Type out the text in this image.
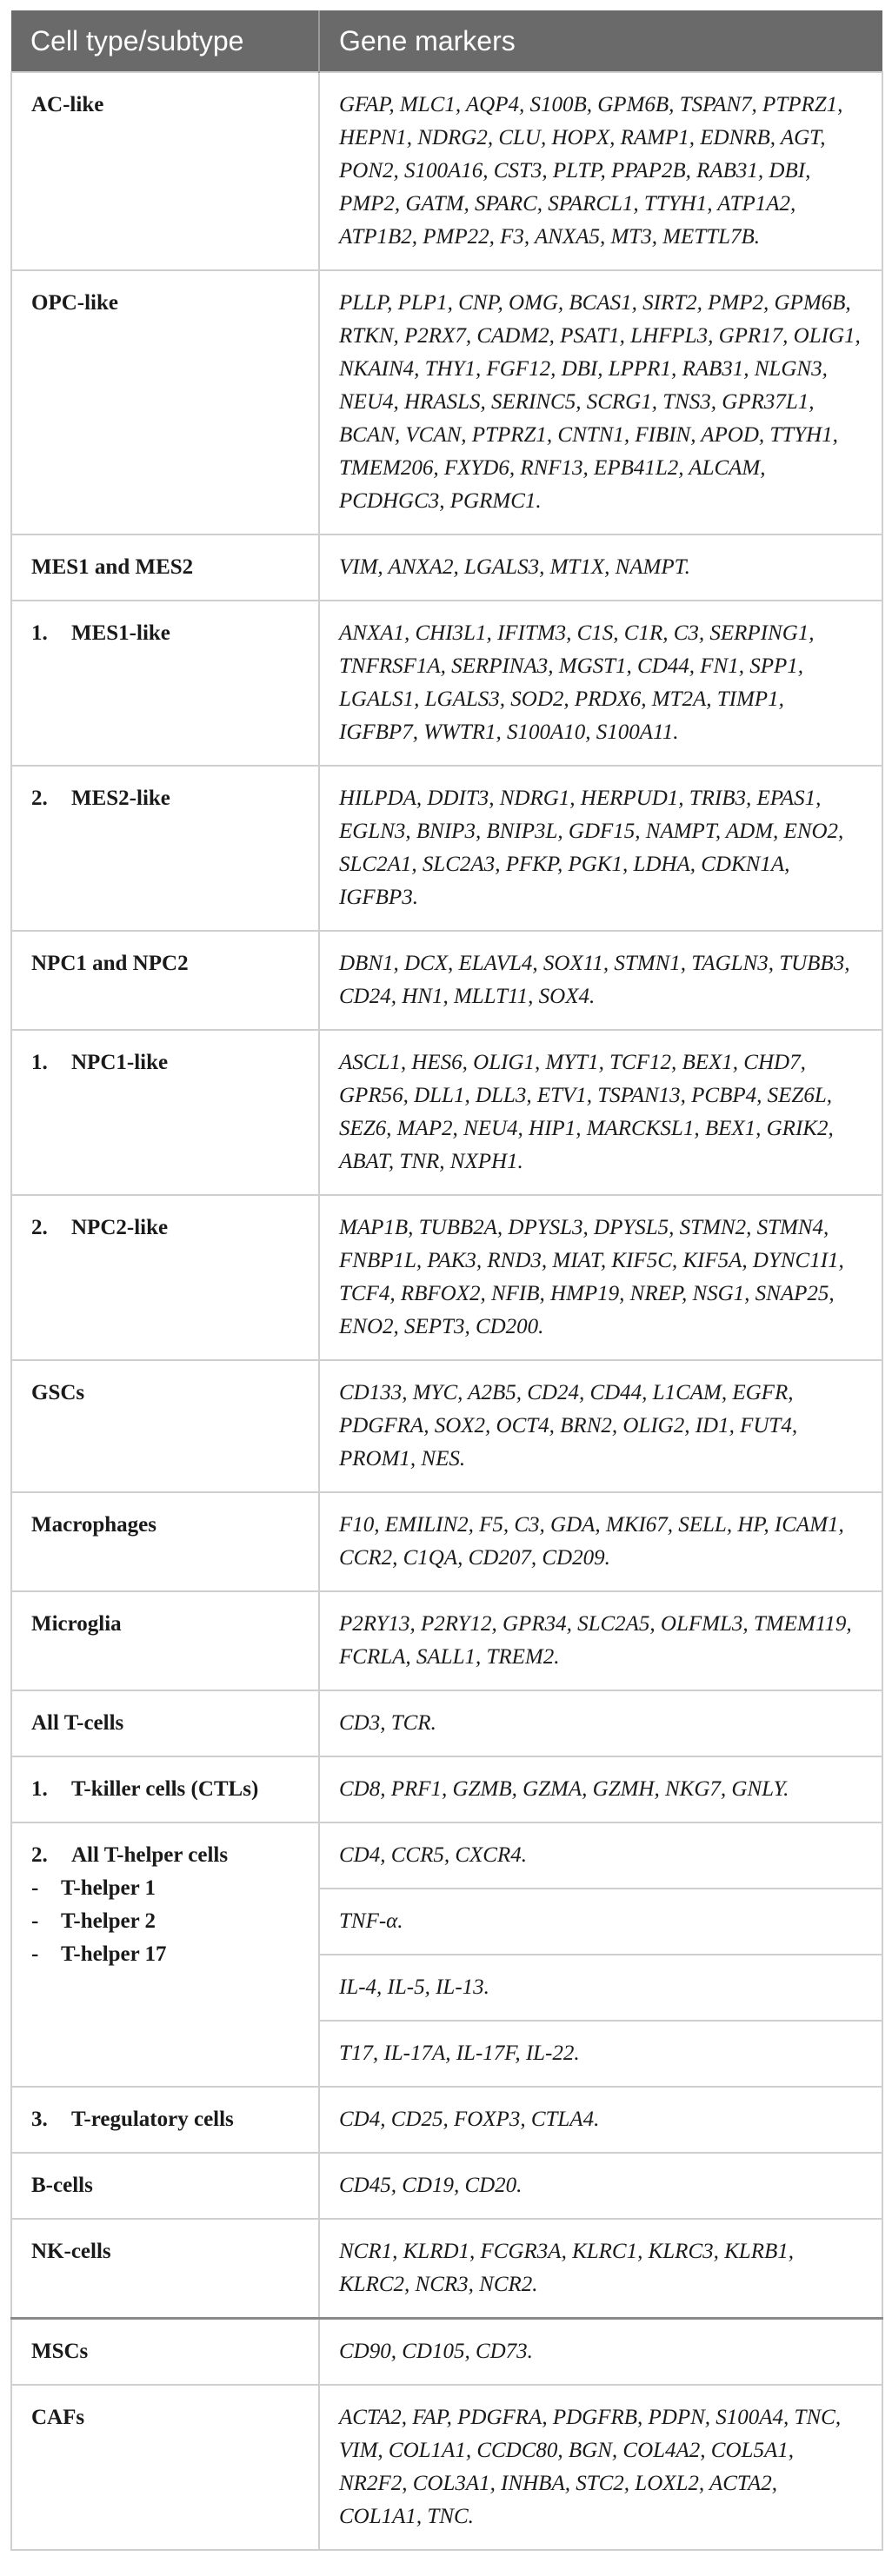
Cell type/subtype	Gene markers
AC-like	GFAP, MLC1, AQP4, S100B, GPM6B, TSPAN7, PTPRZ1, HEPN1, NDRG2, CLU, HOPX, RAMP1, EDNRB, AGT, PON2, S100A16, CST3, PLTP, PPAP2B, RAB31, DBI, PMP2, GATM, SPARC, SPARCL1, TTYH1, ATP1A2, ATP1B2, PMP22, F3, ANXA5, MT3, METTL7B.
OPC-like	PLLP, PLP1, CNP, OMG, BCAS1, SIRT2, PMP2, GPM6B, RTKN, P2RX7, CADM2, PSAT1, LHFPL3, GPR17, OLIG1, NKAIN4, THY1, FGF12, DBI, LPPR1, RAB31, NLGN3, NEU4, HRASLS, SERINC5, SCRG1, TNS3, GPR37L1, BCAN, VCAN, PTPRZ1, CNTN1, FIBIN, APOD, TTYH1, TMEM206, FXYD6, RNF13, EPB41L2, ALCAM, PCDHGC3, PGRMC1.
MES1 and MES2	VIM, ANXA2, LGALS3, MT1X, NAMPT.
1. MES1-like	ANXA1, CHI3L1, IFITM3, C1S, C1R, C3, SERPING1, TNFRSF1A, SERPINA3, MGST1, CD44, FN1, SPP1, LGALS1, LGALS3, SOD2, PRDX6, MT2A, TIMP1, IGFBP7, WWTR1, S100A10, S100A11.
2. MES2-like	HILPDA, DDIT3, NDRG1, HERPUD1, TRIB3, EPAS1, EGLN3, BNIP3, BNIP3L, GDF15, NAMPT, ADM, ENO2, SLC2A1, SLC2A3, PFKP, PGK1, LDHA, CDKN1A, IGFBP3.
NPC1 and NPC2	DBN1, DCX, ELAVL4, SOX11, STMN1, TAGLN3, TUBB3, CD24, HN1, MLLT11, SOX4.
1. NPC1-like	ASCL1, HES6, OLIG1, MYT1, TCF12, BEX1, CHD7, GPR56, DLL1, DLL3, ETV1, TSPAN13, PCBP4, SEZ6L, SEZ6, MAP2, NEU4, HIP1, MARCKSL1, BEX1, GRIK2, ABAT, TNR, NXPH1.
2. NPC2-like	MAP1B, TUBB2A, DPYSL3, DPYSL5, STMN2, STMN4, FNBP1L, PAK3, RND3, MIAT, KIF5C, KIF5A, DYNC1I1, TCF4, RBFOX2, NFIB, HMP19, NREP, NSG1, SNAP25, ENO2, SEPT3, CD200.
GSCs	CD133, MYC, A2B5, CD24, CD44, L1CAM, EGFR, PDGFRA, SOX2, OCT4, BRN2, OLIG2, ID1, FUT4, PROM1, NES.
Macrophages	F10, EMILIN2, F5, C3, GDA, MKI67, SELL, HP, ICAM1, CCR2, C1QA, CD207, CD209.
Microglia	P2RY13, P2RY12, GPR34, SLC2A5, OLFML3, TMEM119, FCRLA, SALL1, TREM2.
All T-cells	CD3, TCR.
1. T-killer cells (CTLs)	CD8, PRF1, GZMB, GZMA, GZMH, NKG7, GNLY.

2. All T-helper cells
- T-helper 1
- T-helper 2
- T-helper 17	CD4, CCR5, CXCR4.
	TNF-α.
	IL-4, IL-5, IL-13.
	T17, IL-17A, IL-17F, IL-22.
3. T-regulatory cells	CD4, CD25, FOXP3, CTLA4.
B-cells	CD45, CD19, CD20.
NK-cells	NCR1, KLRD1, FCGR3A, KLRC1, KLRC3, KLRB1, KLRC2, NCR3, NCR2.
MSCs	CD90, CD105, CD73.
CAFs	ACTA2, FAP, PDGFRA, PDGFRB, PDPN, S100A4, TNC, VIM, COL1A1, CCDC80, BGN, COL4A2, COL5A1, NR2F2, COL3A1, INHBA, STC2, LOXL2, ACTA2, COL1A1, TNC.
